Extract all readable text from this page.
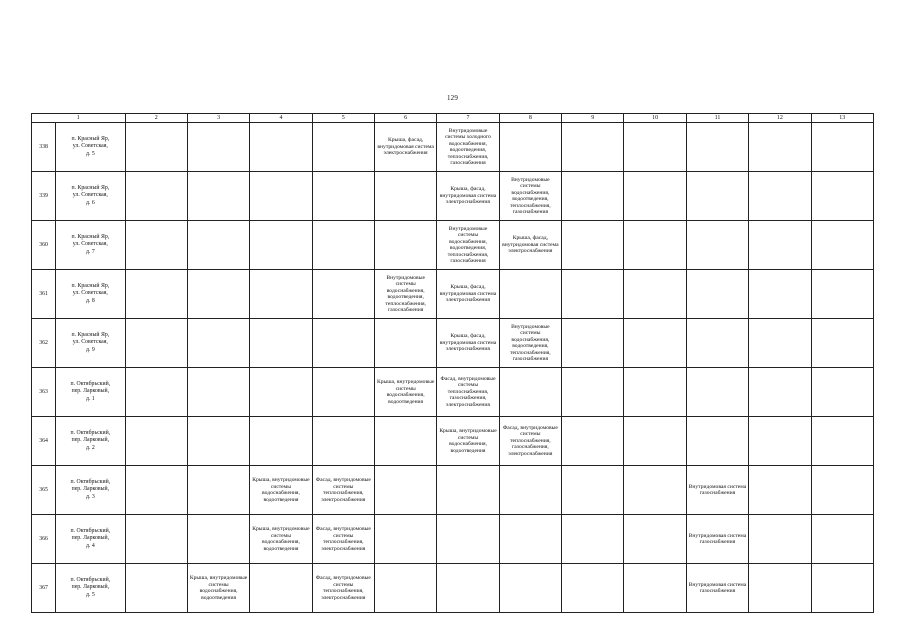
129
1		2	3	4	5	6	7	8	9	10	11	12	13
338	п. Красный Яр,
ул. Советская,
д. 5					Крыша, фасад, внутридомовая система электроснабжения	Внутридомовые системы холодного водоснабжения, водоотведения, теплоснабжения, газоснабжения						

339	п. Красный Яр,
ул. Советская,
д. 6						Крыша, фасад, внутридомовая система электроснабжения	Внутридомовые системы водоснабжения, водоотведения, теплоснабжения, газоснабжения					

360	п. Красный Яр,
ул. Советская,
д. 7						Внутридомовые системы водоснабжения, водоотведения, теплоснабжения, газоснабжения	Крыша, фасад, внутридомовая система электроснабжения					

361	п. Красный Яр,
ул. Советская,
д. 8					Внутридомовые системы водоснабжения, водоотведения, теплоснабжения, газоснабжения	Крыша, фасад, внутридомовая система электроснабжения						

362	п. Красный Яр,
ул. Советская,
д. 9						Крыша, фасад, внутридомовая система электроснабжения	Внутридомовые системы водоснабжения, водоотведения, теплоснабжения, газоснабжения					

363	п. Октябрьский,
пер. Ларковый,
д. 1					Крыша, внутридомовые системы водоснабжения, водоотведения	Фасад, внутридомовые системы теплоснабжения, газоснабжения, электроснабжения						

364	п. Октябрьский,
пер. Ларковый,
д. 2						Крыша, внутридомовые системы водоснабжения, водоотведения	Фасад, внутридомовые системы теплоснабжения, газоснабжения, электроснабжения					

365	п. Октябрьский,
пер. Ларковый,
д. 3			Крыша, внутридомовые системы водоснабжения, водоотведения	Фасад, внутридомовые системы теплоснабжения, электроснабжения						Внутридомовая система газоснабжения		

366	п. Октябрьский,
пер. Ларковый,
д. 4			Крыша, внутридомовые системы водоснабжения, водоотведения	Фасад, внутридомовые системы теплоснабжения, электроснабжения						Внутридомовая система газоснабжения		

367	п. Октябрьский,
пер. Ларковый,
д. 5		Крыша, внутридомовые системы водоснабжения, водоотведения		Фасад, внутридомовые системы теплоснабжения, электроснабжения						Внутридомовая система газоснабжения		
